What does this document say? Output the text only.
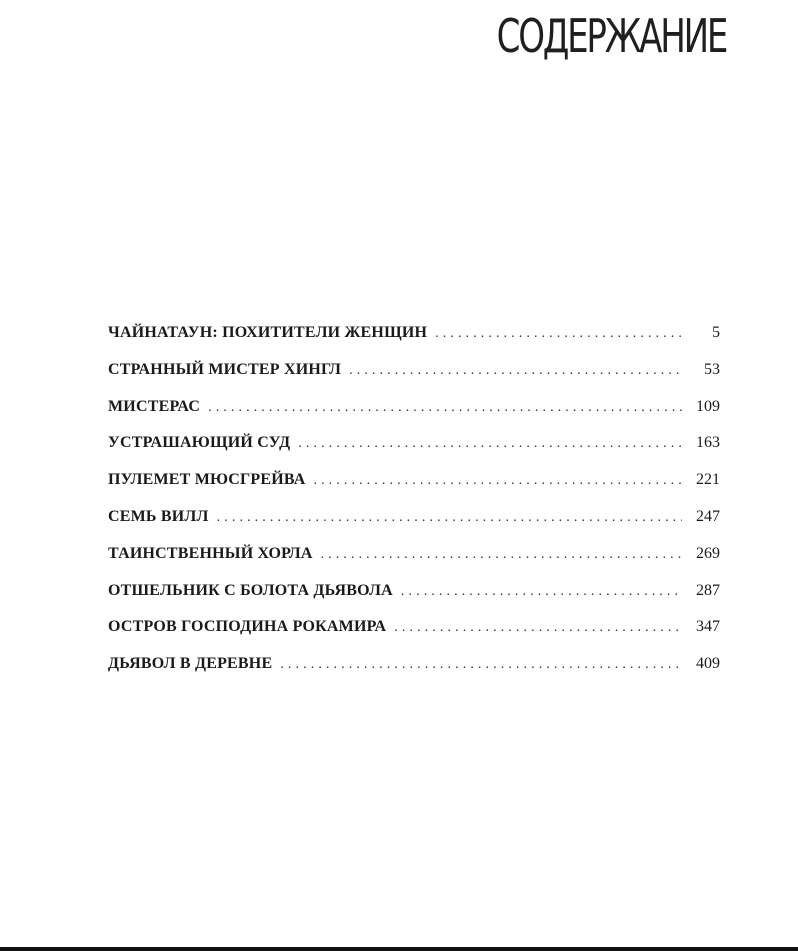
СОДЕРЖАНИЕ
ЧАЙНАТАУН: ПОХИТИТЕЛИ ЖЕНЩИН . . .	5
СТРАННЫЙ МИСТЕР ХИНГЛ . . .	53
МИСТЕРАС . . .	109
УСТРАШАЮЩИЙ СУД . . .	163
ПУЛЕМЕТ МЮСГРЕЙВА . . .	221
СЕМЬ ВИЛЛ . . .	247
ТАИНСТВЕННЫЙ ХОРЛА . . .	269
ОТШЕЛЬНИК С БОЛОТА ДЬЯВОЛА . . .	287
ОСТРОВ ГОСПОДИНА РОКАМИРА . . .	347
ДЬЯВОЛ В ДЕРЕВНЕ . . .	409
